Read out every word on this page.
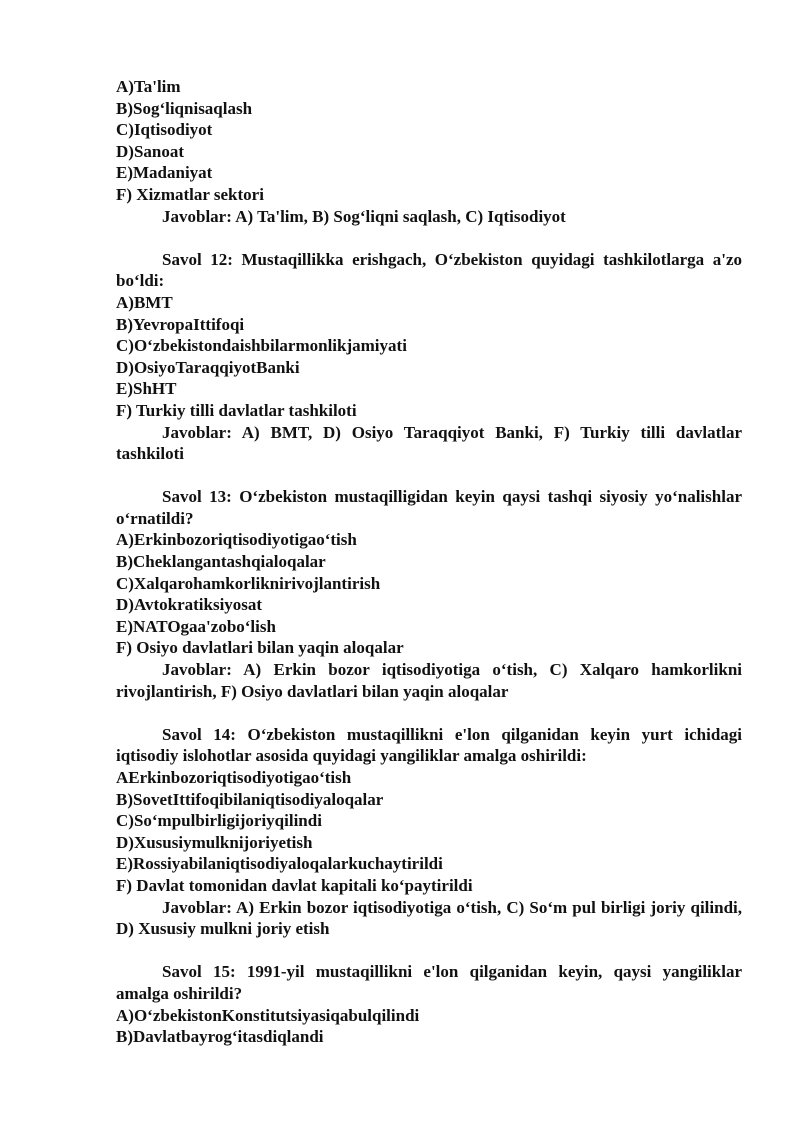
A)Ta'lim
B)Sog‘liqnisaqlash
C)Iqtisodiyot
D)Sanoat
E)Madaniyat
F) Xizmatlar sektori
Javoblar: A) Ta'lim, B) Sog‘liqni saqlash, C) Iqtisodiyot
Savol 12: Mustaqillikka erishgach, O‘zbekiston quyidagi tashkilotlarga a'zo bo‘ldi:
A)BMT
B)YevropaIttifoqi
C)O‘zbekistondaishbilarmonlikjamiyati
D)OsiyoTaraqqiyotBanki
E)ShHT
F) Turkiy tilli davlatlar tashkiloti
Javoblar: A) BMT, D) Osiyo Taraqqiyot Banki, F) Turkiy tilli davlatlar tashkiloti
Savol 13: O‘zbekiston mustaqilligidan keyin qaysi tashqi siyosiy yo‘nalishlar o‘rnatildi?
A)Erkinbozoriqtisodiyotigao‘tish
B)Cheklangantashqialoqalar
C)Xalqarohamkorliknirivojlantirish
D)Avtokratiksiyosat
E)NATOgaa'zobo‘lish
F) Osiyo davlatlari bilan yaqin aloqalar
Javoblar: A) Erkin bozor iqtisodiyotiga o‘tish, C) Xalqaro hamkorlikni rivojlantirish, F) Osiyo davlatlari bilan yaqin aloqalar
Savol 14: O‘zbekiston mustaqillikni e'lon qilganidan keyin yurt ichidagi iqtisodiy islohotlar asosida quyidagi yangiliklar amalga oshirildi:
AErkinbozoriqtisodiyotigao‘tish
B)SovetIttifoqibilaniqtisodiyaloqalar
C)So‘mpulbirligijoriyqilindi
D)Xususiymulknijoriyetish
E)Rossiyabilaniqtisodiyaloqalarkuchaytirildi
F) Davlat tomonidan davlat kapitali ko‘paytirildi
Javoblar: A) Erkin bozor iqtisodiyotiga o‘tish, C) So‘m pul birligi joriy qilindi, D) Xususiy mulkni joriy etish
Savol 15: 1991-yil mustaqillikni e'lon qilganidan keyin, qaysi yangiliklar amalga oshirildi?
A)O‘zbekistonKonstitutsiyasiqabulqilindi
B)Davlatbayrog‘itasdiqlandi
